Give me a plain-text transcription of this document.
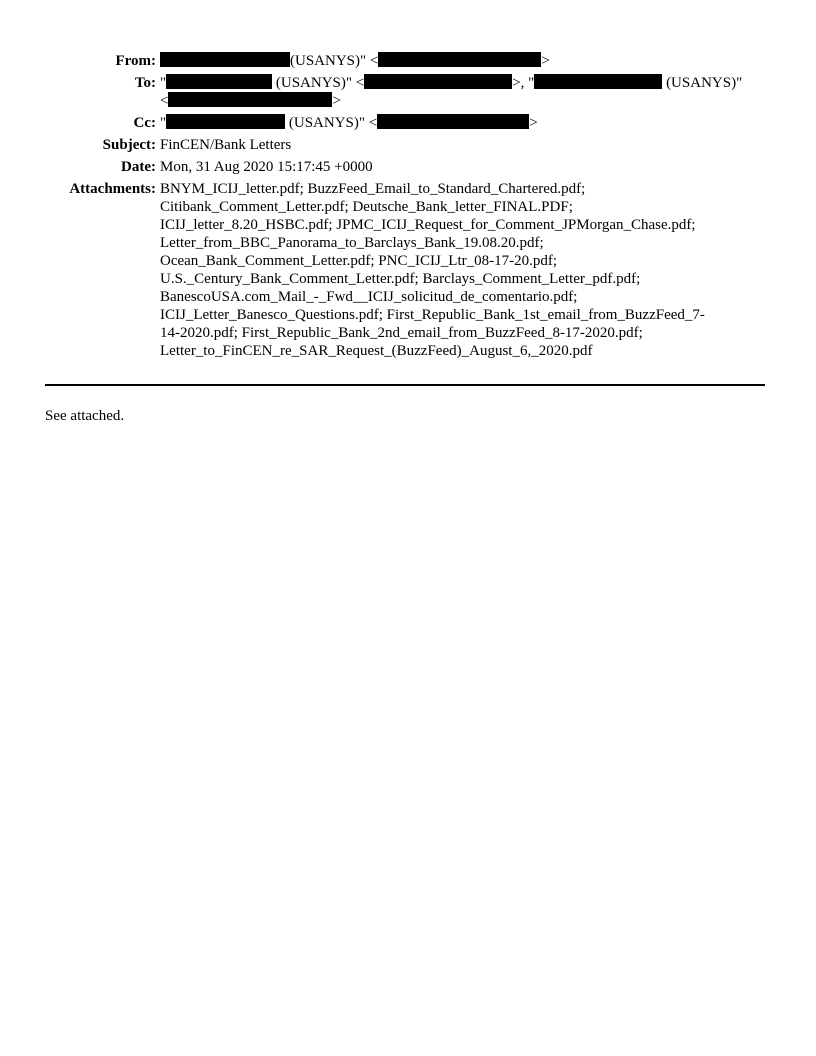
From:	(USANYS)" <	>
To: "	(USANYS)" <	>, "	(USANYS)"
<	>
Cc: "	(USANYS)" <	>
Subject: FinCEN/Bank Letters
Date: Mon, 31 Aug 2020 15:17:45 +0000
Attachments: BNYM_ICIJ_letter.pdf; BuzzFeed_Email_to_Standard_Chartered.pdf;
Citibank_Comment_Letter.pdf; Deutsche_Bank_letter_FINAL.PDF;
ICIJ_letter_8.20_HSBC.pdf; JPMC_ICIJ_Request_for_Comment_JPMorgan_Chase.pdf;
Letter_from_BBC_Panorama_to_Barclays_Bank_19.08.20.pdf;
Ocean_Bank_Comment_Letter.pdf; PNC_ICIJ_Ltr_08-17-20.pdf;
U.S._Century_Bank_Comment_Letter.pdf; Barclays_Comment_Letter_pdf.pdf;
BanescoUSA.com_Mail_-_Fwd__ICIJ_solicitud_de_comentario.pdf;
ICIJ_Letter_Banesco_Questions.pdf; First_Republic_Bank_1st_email_from_BuzzFeed_7-
14-2020.pdf; First_Republic_Bank_2nd_email_from_BuzzFeed_8-17-2020.pdf;
Letter_to_FinCEN_re_SAR_Request_(BuzzFeed)_August_6,_2020.pdf
See attached.
